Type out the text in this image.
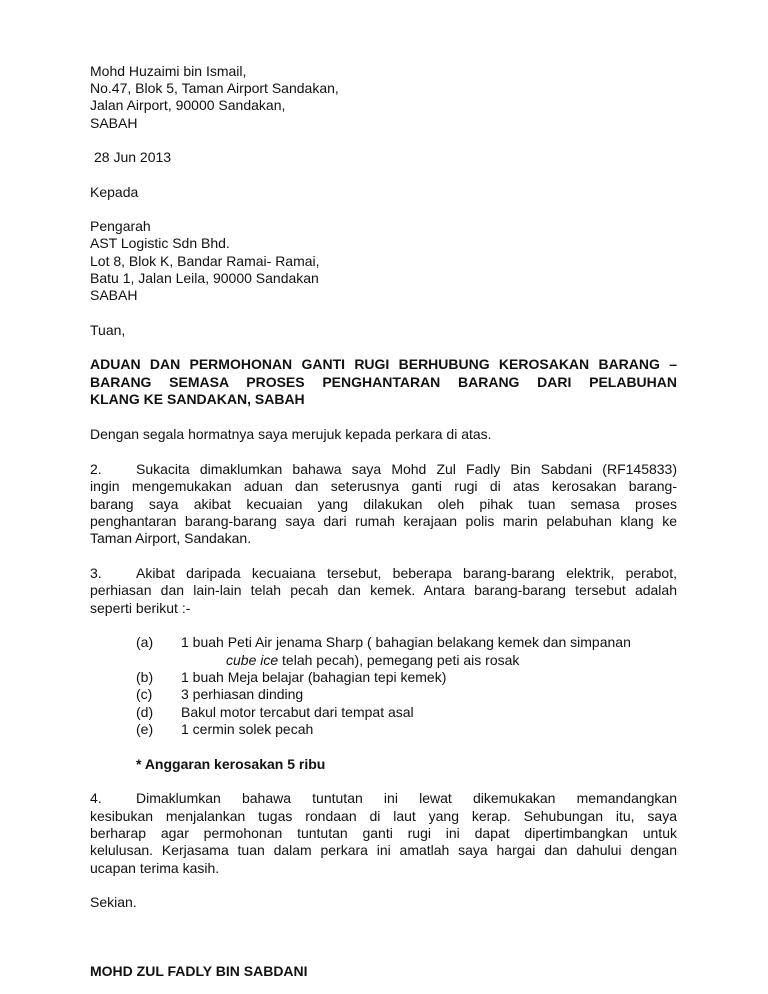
Mohd Huzaimi bin Ismail,
No.47, Blok 5, Taman Airport Sandakan,
Jalan Airport, 90000 Sandakan,
SABAH
28 Jun 2013
Kepada
Pengarah
AST Logistic Sdn Bhd.
Lot 8, Blok K, Bandar Ramai- Ramai,
Batu 1, Jalan Leila, 90000 Sandakan
SABAH
Tuan,
ADUAN DAN PERMOHONAN GANTI RUGI BERHUBUNG KEROSAKAN BARANG –
BARANG SEMASA PROSES PENGHANTARAN BARANG DARI PELABUHAN
KLANG KE SANDAKAN, SABAH
Dengan segala hormatnya saya merujuk kepada perkara di atas.
2. Sukacita dimaklumkan bahawa saya Mohd Zul Fadly Bin Sabdani (RF145833)
ingin mengemukakan aduan dan seterusnya ganti rugi di atas kerosakan barang-
barang saya akibat kecuaian yang dilakukan oleh pihak tuan semasa proses
penghantaran barang-barang saya dari rumah kerajaan polis marin pelabuhan klang ke
Taman Airport, Sandakan.
3. Akibat daripada kecuaiana tersebut, beberapa barang-barang elektrik, perabot,
perhiasan dan lain-lain telah pecah dan kemek. Antara barang-barang tersebut adalah
seperti berikut :-
(a) 1 buah Peti Air jenama Sharp ( bahagian belakang kemek dan simpanan
cube ice telah pecah), pemegang peti ais rosak
(b) 1 buah Meja belajar (bahagian tepi kemek)
(c) 3 perhiasan dinding
(d) Bakul motor tercabut dari tempat asal
(e) 1 cermin solek pecah
* Anggaran kerosakan 5 ribu
4. Dimaklumkan bahawa tuntutan ini lewat dikemukakan memandangkan
kesibukan menjalankan tugas rondaan di laut yang kerap. Sehubungan itu, saya
berharap agar permohonan tuntutan ganti rugi ini dapat dipertimbangkan untuk
kelulusan. Kerjasama tuan dalam perkara ini amatlah saya hargai dan dahului dengan
ucapan terima kasih.
Sekian.
MOHD ZUL FADLY BIN SABDANI
